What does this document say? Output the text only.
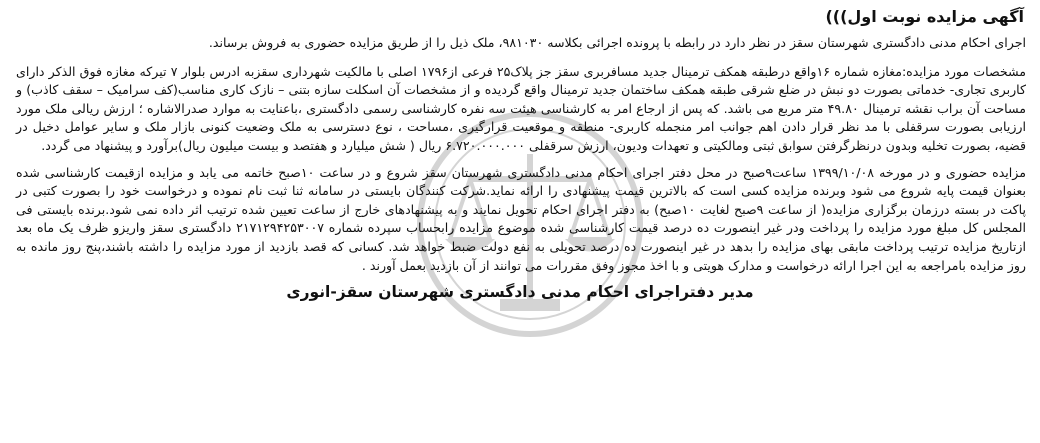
آگهی مزایده نوبت اول)))

اجرای احکام مدنی دادگستری شهرستان سقز در نظر دارد در رابطه با پرونده اجرائی بکلاسه ۹۸۱۰۳۰، ملک ذیل را از طریق مزایده حضوری به فروش برساند.

مشخصات مورد مزایده:مغازه شماره ۱۶واقع درطبقه همکف ترمینال جدید مسافربری سقز جز پلاک۲۵ فرعی از۱۷۹۶ اصلی با مالکیت شهرداری سقزبه ادرس بلوار ۷ تیرکه مغازه فوق الذکر دارای کاربری تجاری- خدماتی بصورت دو نبش در ضلع شرقی طبقه همکف ساختمان جدید ترمینال واقع گردیده و از مشخصات آن اسکلت سازه بتنی – نازک کاری مناسب(کف سرامیک – سقف کاذب) و مساحت آن براب نقشه ترمینال ۴۹.۸۰ متر مربع می باشد. که پس از ارجاع امر به کارشناسی هیئت سه نفره کارشناسی رسمی دادگستری ،باعنایت به موارد صدرالاشاره ؛ ارزش ریالی ملک مورد ارزیابی بصورت سرقفلی با مد نظر قرار دادن اهم جوانب امر منجمله کاربری- منطقه و موقعیت قرارگیری ،مساحت ، نوع دسترسی به ملک وضعیت کنونی بازار ملک و سایر عوامل دخیل در قضیه، بصورت تخلیه وبدون درنظرگرفتن سوابق ثبتی ومالکیتی و تعهدات ودیون، ارزش سرقفلی ۶.۷۲۰.۰۰۰.۰۰۰ ریال ( شش میلیارد و هفتصد و بیست میلیون ریال)برآورد و پیشنهاد می گردد.

مزایده حضوری و در مورخه ۱۳۹۹/۱۰/۰۸ ساعت۹صبح در محل دفتر اجرای احکام مدنی دادگستری شهرستان سقز شروع و در ساعت ۱۰صبح خاتمه می یابد و مزایده ازقیمت کارشناسی شده بعنوان قیمت پایه شروع می شود وبرنده مزایده کسی است که بالاترین قیمت پیشنهادی را ارائه نماید.شرکت کنندگان بایستی در سامانه ثنا ثبت نام نموده و درخواست خود را بصورت کتبی در پاکت در بسته درزمان برگزاری مزایده( از ساعت ۹صبح لغایت ۱۰صبح) به دفتر اجرای احکام تحویل نمایند و به پیشنهادهای خارج از ساعت تعیین شده ترتیب اثر داده نمی شود.برنده بایستی فی المجلس کل مبلغ مورد مزایده را پرداخت ودر غیر اینصورت ده درصد قیمت کارشناسی شده موضوع مزایده رابحساب سپرده شماره ۲۱۷۱۲۹۴۲۵۳۰۰۷ دادگستری سقز واریزو ظرف یک ماه بعد ازتاریخ مزایده ترتیب پرداخت مابقی بهای مزایده را بدهد در غیر اینصورت ده درصد تحویلی به نفع دولت ضبط خواهد شد. کسانی که قصد بازدید از مورد مزایده را داشته باشند،پنج روز مانده به روز مزایده بامراجعه به این اجرا ارائه درخواست و مدارک هویتی و با اخذ مجوز وفق مقررات می توانند از آن بازدید بعمل آورند .

مدیر دفتراجرای احکام مدنی دادگستری شهرستان سقز-انوری
